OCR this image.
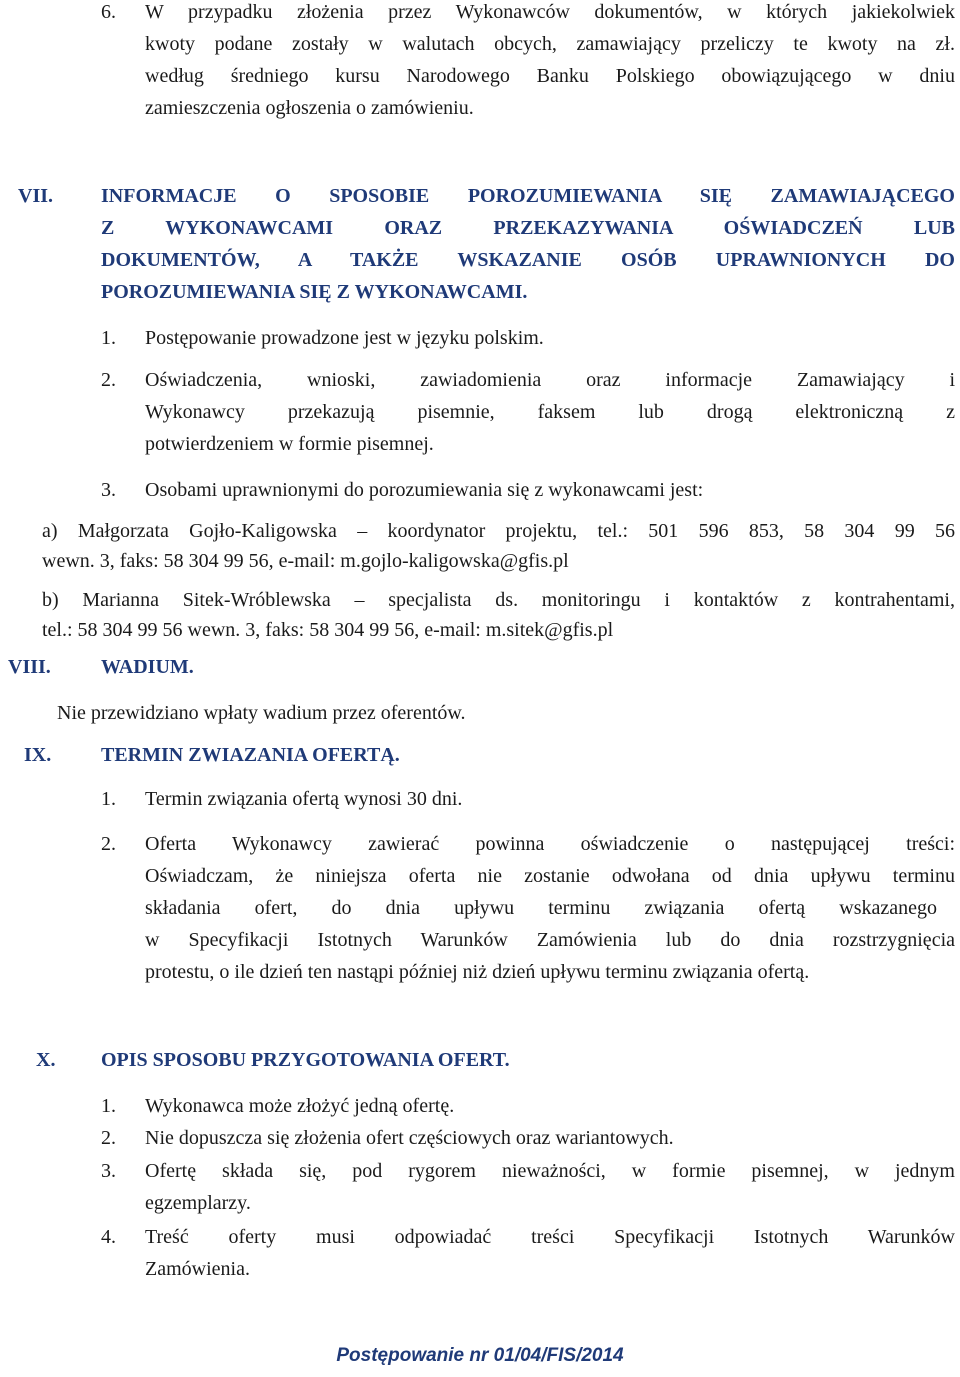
6. W przypadku złożenia przez Wykonawców dokumentów, w których jakiekolwiek
kwoty podane zostały w walutach obcych, zamawiający przeliczy te kwoty na zł.
według średniego kursu Narodowego Banku Polskiego obowiązującego w dniu
zamieszczenia ogłoszenia o zamówieniu.
VII. INFORMACJE O SPOSOBIE POROZUMIEWANIA SIĘ ZAMAWIAJĄCEGO
Z WYKONAWCAMI ORAZ PRZEKAZYWANIA OŚWIADCZEŃ LUB
DOKUMENTÓW, A TAKŻE WSKAZANIE OSÓB UPRAWNIONYCH DO
POROZUMIEWANIA SIĘ Z WYKONAWCAMI.
1. Postępowanie prowadzone jest w języku polskim.
2. Oświadczenia, wnioski, zawiadomienia oraz informacje Zamawiający i
Wykonawcy przekazują pisemnie, faksem lub drogą elektroniczną z
potwierdzeniem w formie pisemnej.
3. Osobami uprawnionymi do porozumiewania się z wykonawcami jest:
a) Małgorzata Gojło-Kaligowska – koordynator projektu, tel.: 501 596 853, 58 304 99 56
wewn. 3, faks: 58 304 99 56, e-mail: m.gojlo-kaligowska@gfis.pl
b) Marianna Sitek-Wróblewska – specjalista ds. monitoringu i kontaktów z kontrahentami,
tel.: 58 304 99 56 wewn. 3, faks: 58 304 99 56, e-mail: m.sitek@gfis.pl
VIII.	WADIUM.
Nie przewidziano wpłaty wadium przez oferentów.
IX. TERMIN ZWIAZANIA OFERTĄ.
1. Termin związania ofertą wynosi 30 dni.
2. Oferta Wykonawcy zawierać powinna oświadczenie o następującej treści:
Oświadczam, że niniejsza oferta nie zostanie odwołana od dnia upływu terminu
składania ofert, do dnia upływu terminu związania ofertą wskazanego
w Specyfikacji Istotnych Warunków Zamówienia lub do dnia rozstrzygnięcia
protestu, o ile dzień ten nastąpi później niż dzień upływu terminu związania ofertą.
X. OPIS SPOSOBU PRZYGOTOWANIA OFERT.
1. Wykonawca może złożyć jedną ofertę.
2. Nie dopuszcza się złożenia ofert częściowych oraz wariantowych.
3. Ofertę składa się, pod rygorem nieważności, w formie pisemnej, w jednym
egzemplarzy.
4. Treść oferty musi odpowiadać treści Specyfikacji Istotnych Warunków
Zamówienia.
Postępowanie nr 01/04/FIS/2014
